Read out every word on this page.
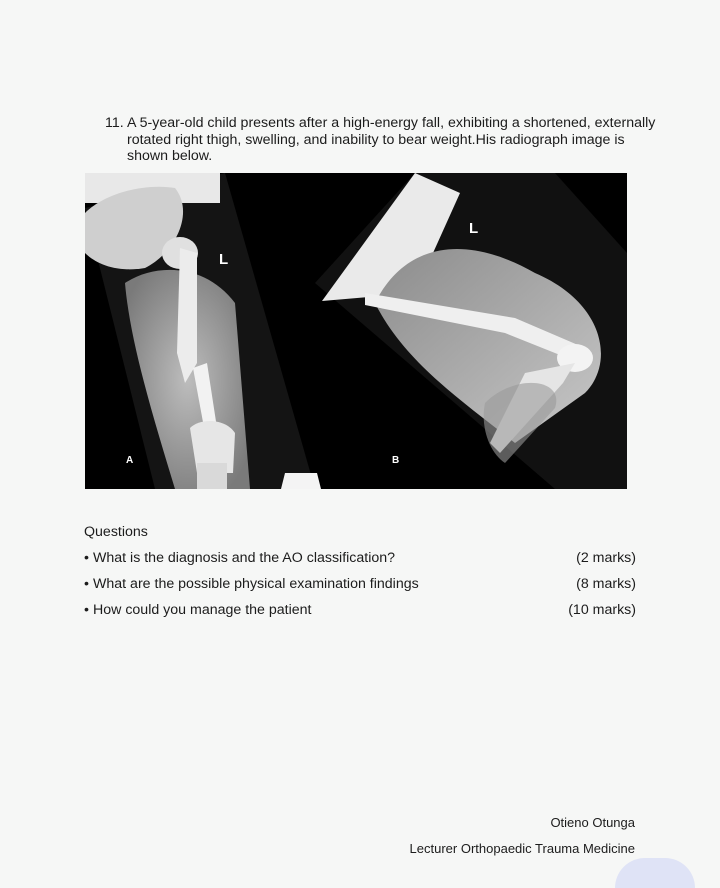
11. A 5-year-old child presents after a high-energy fall, exhibiting a shortened, externally rotated right thigh, swelling, and inability to bear weight.His radiograph image is shown below.
L
A
L
B
Questions
• What is the diagnosis and the AO classification?	(2 marks)
• What are the possible physical examination findings	(8 marks)
• How could you manage the patient	(10 marks)
Otieno Otunga
Lecturer Orthopaedic Trauma Medicine
